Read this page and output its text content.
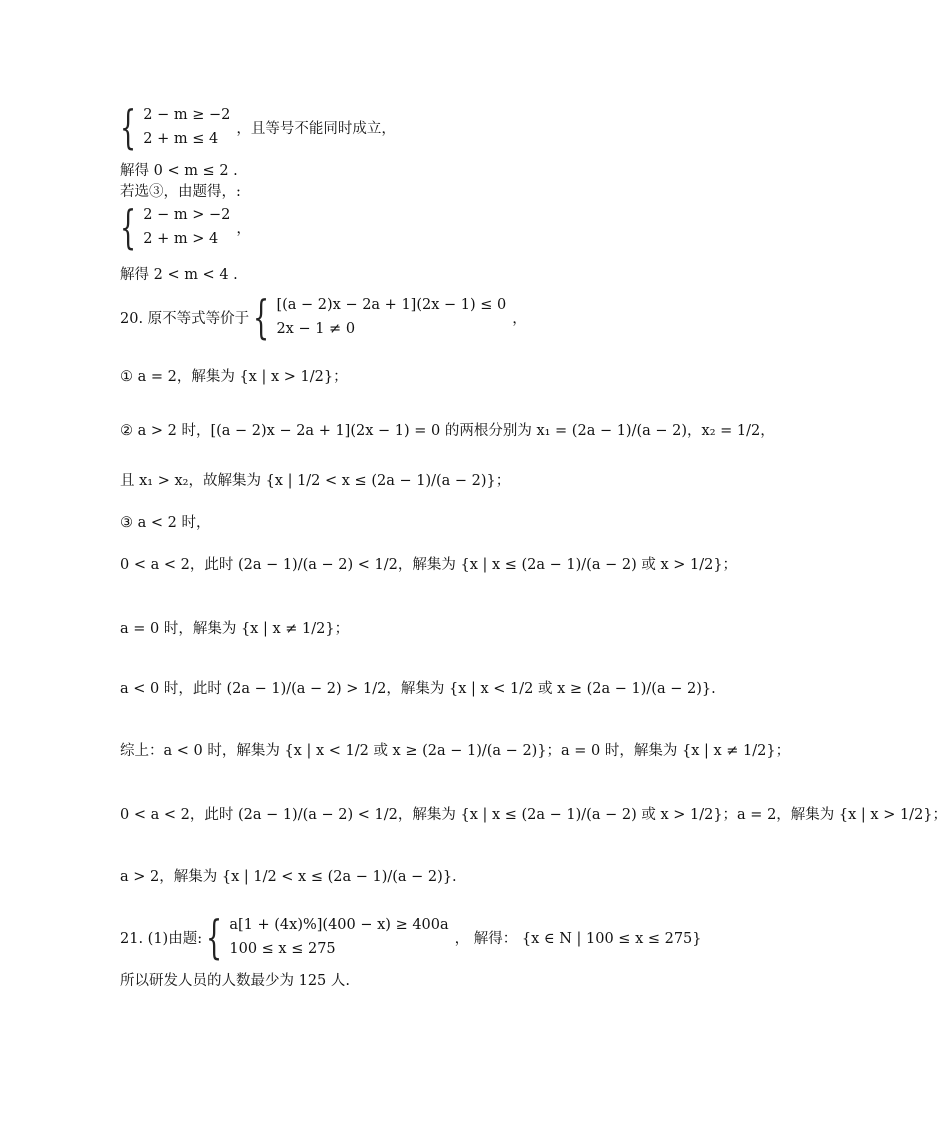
{ 2 − m ≥ −2
2 + m ≤ 4
，且等号不能同时成立，
解得 0 < m ≤ 2 .
若选③，由题得，:
{ 2 − m > −2
2 + m > 4
，
解得 2 < m < 4 .
20. 原不等式等价于 { [(a − 2)x − 2a + 1](2x − 1) ≤ 0
2x − 1 ≠ 0
，
① a = 2，解集为 {x | x > 1/2}；
② a > 2 时，[(a − 2)x − 2a + 1](2x − 1) = 0 的两根分别为 x₁ = (2a − 1)/(a − 2)，x₂ = 1/2，
且 x₁ > x₂，故解集为 {x | 1/2 < x ≤ (2a − 1)/(a − 2)}；
③ a < 2 时，
0 < a < 2，此时 (2a − 1)/(a − 2) < 1/2，解集为 {x | x ≤ (2a − 1)/(a − 2) 或 x > 1/2}；
a = 0 时，解集为 {x | x ≠ 1/2}；
a < 0 时，此时 (2a − 1)/(a − 2) > 1/2，解集为 {x | x < 1/2 或 x ≥ (2a − 1)/(a − 2)}.
综上：a < 0 时，解集为 {x | x < 1/2 或 x ≥ (2a − 1)/(a − 2)}；a = 0 时，解集为 {x | x ≠ 1/2}；
0 < a < 2，此时 (2a − 1)/(a − 2) < 1/2，解集为 {x | x ≤ (2a − 1)/(a − 2) 或 x > 1/2}；a = 2，解集为 {x | x > 1/2}；
a > 2，解集为 {x | 1/2 < x ≤ (2a − 1)/(a − 2)}.
21. (1)由题: { a[1 + (4x)%](400 − x) ≥ 400a
100 ≤ x ≤ 275
， 解得： {x ∈ N | 100 ≤ x ≤ 275}
所以研发人员的人数最少为 125 人.
